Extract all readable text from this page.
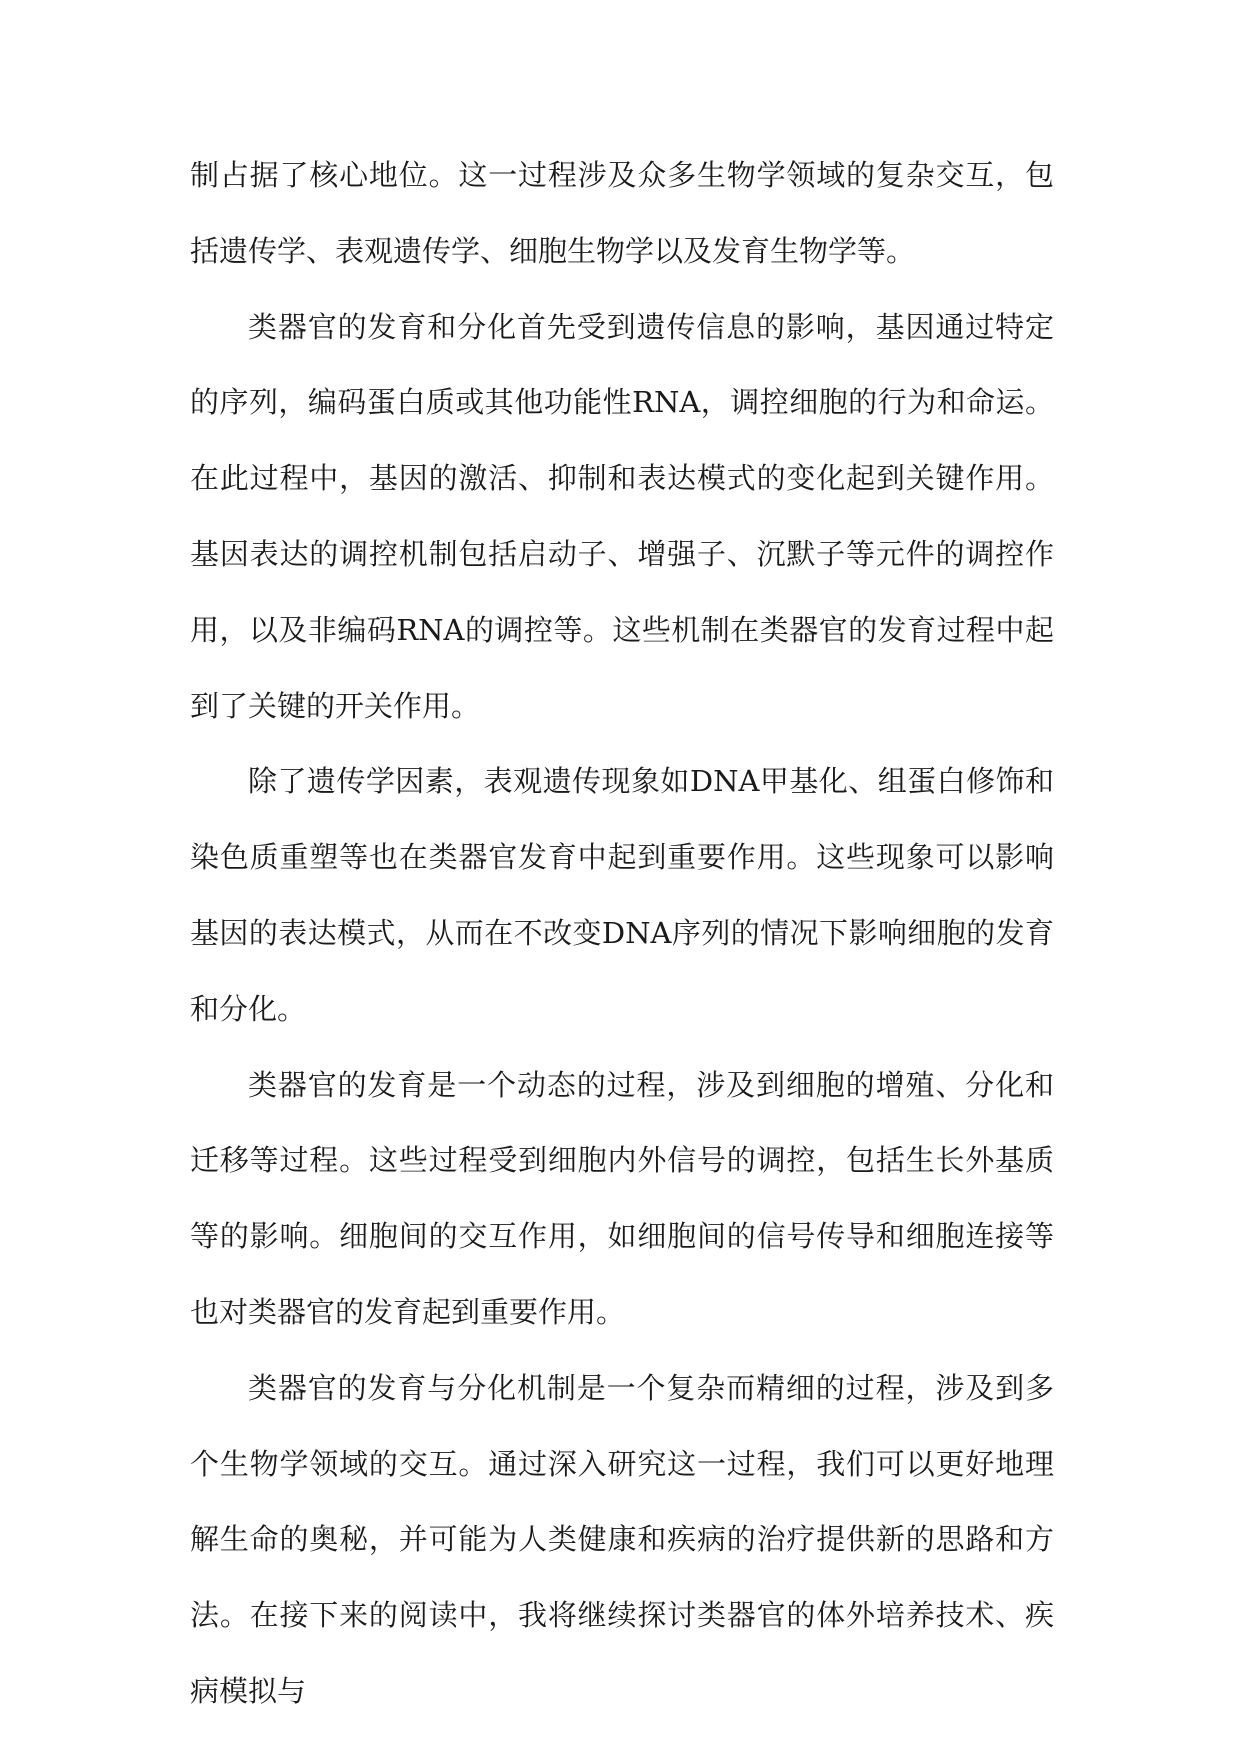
制占据了核心地位。这一过程涉及众多生物学领域的复杂交互，包括遗传学、表观遗传学、细胞生物学以及发育生物学等。

类器官的发育和分化首先受到遗传信息的影响，基因通过特定的序列，编码蛋白质或其他功能性RNA，调控细胞的行为和命运。在此过程中，基因的激活、抑制和表达模式的变化起到关键作用。基因表达的调控机制包括启动子、增强子、沉默子等元件的调控作用，以及非编码RNA的调控等。这些机制在类器官的发育过程中起到了关键的开关作用。

除了遗传学因素，表观遗传现象如DNA甲基化、组蛋白修饰和染色质重塑等也在类器官发育中起到重要作用。这些现象可以影响基因的表达模式，从而在不改变DNA序列的情况下影响细胞的发育和分化。

类器官的发育是一个动态的过程，涉及到细胞的增殖、分化和迁移等过程。这些过程受到细胞内外信号的调控，包括生长外基质等的影响。细胞间的交互作用，如细胞间的信号传导和细胞连接等也对类器官的发育起到重要作用。

类器官的发育与分化机制是一个复杂而精细的过程，涉及到多个生物学领域的交互。通过深入研究这一过程，我们可以更好地理解生命的奥秘，并可能为人类健康和疾病的治疗提供新的思路和方法。在接下来的阅读中，我将继续探讨类器官的体外培养技术、疾病模拟与
